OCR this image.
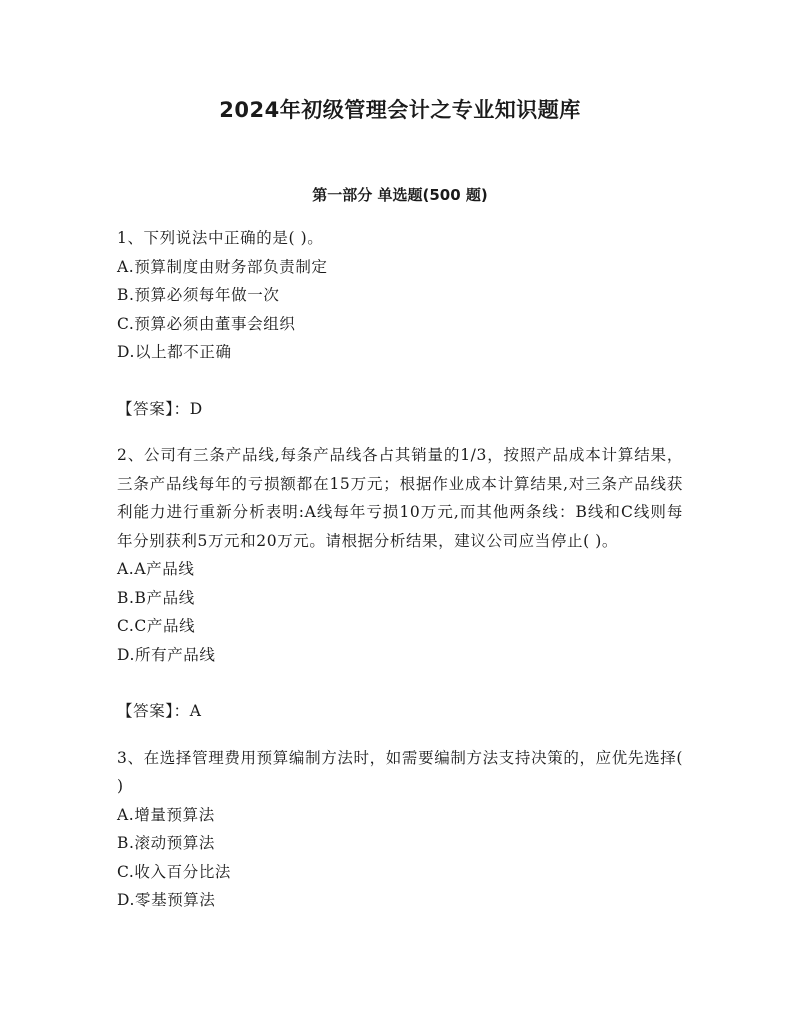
2024年初级管理会计之专业知识题库
第一部分 单选题(500 题)

1、下列说法中正确的是( )。

A.预算制度由财务部负责制定

B.预算必须每年做一次

C.预算必须由董事会组织

D.以上都不正确

【答案】：D

2、公司有三条产品线,每条产品线各占其销量的1/3，按照产品成本计算结果，三条产品线每年的亏损额都在15万元；根据作业成本计算结果,对三条产品线获利能力进行重新分析表明:A线每年亏损10万元,而其他两条线：B线和C线则每年分别获利5万元和20万元。请根据分析结果，建议公司应当停止( )。

A.A产品线

B.B产品线

C.C产品线

D.所有产品线

【答案】：A

3、在选择管理费用预算编制方法时，如需要编制方法支持决策的，应优先选择( )

A.增量预算法

B.滚动预算法

C.收入百分比法

D.零基预算法
